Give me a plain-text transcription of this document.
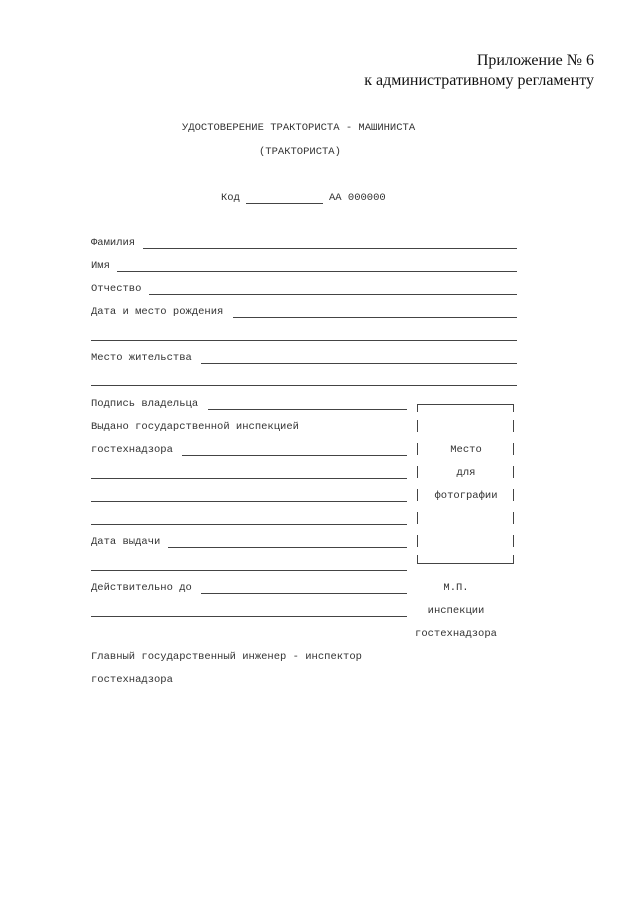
Приложение № 6
к административному регламенту
УДОСТОВЕРЕНИЕ ТРАКТОРИСТА - МАШИНИСТА
(ТРАКТОРИСТА)
Код	АА 000000
Фамилия
Имя
Отчество
Дата и место рождения
Место жительства
Подпись владельца
Выдано государственной инспекцией
гостехнадзора
Дата выдачи
Действительно до
Место
для
фотографии
М.П.
инспекции
гостехнадзора
Главный государственный инженер - инспектор
гостехнадзора
